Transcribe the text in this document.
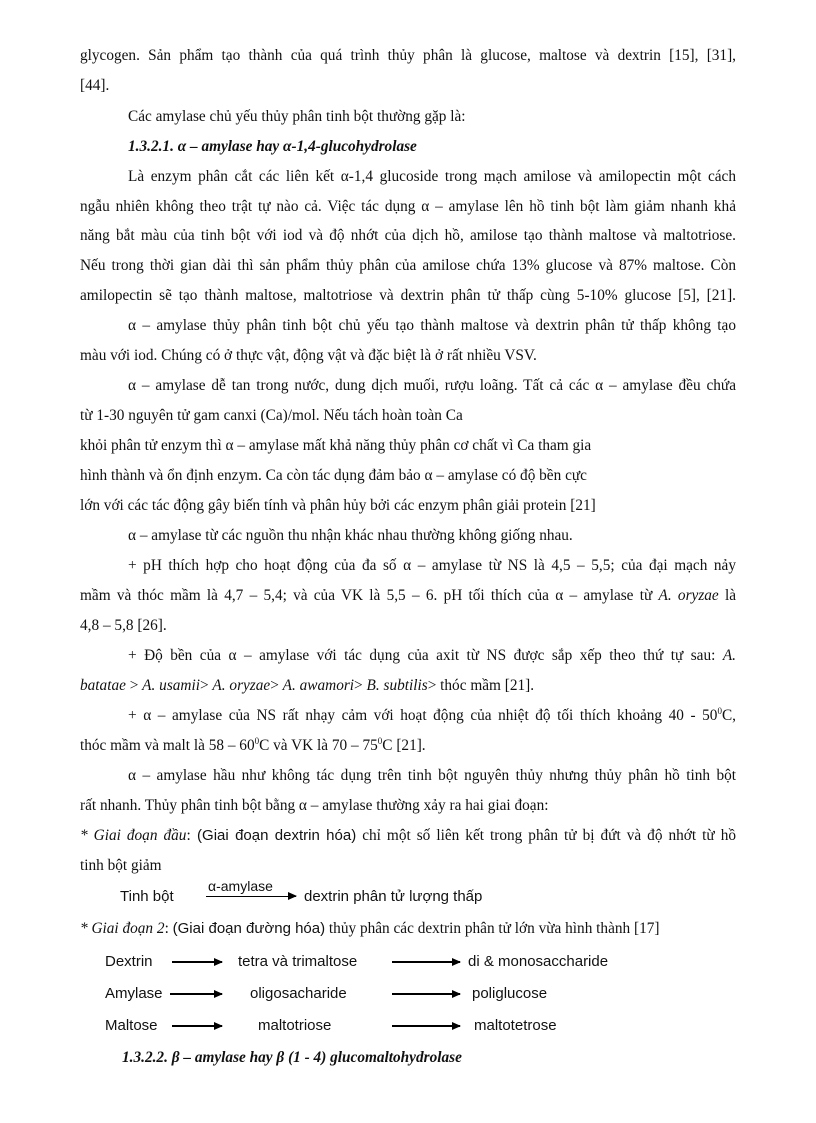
glycogen. Sản phẩm tạo thành của quá trình thủy phân là glucose, maltose và dextrin [15], [31],
[44].
Các amylase chủ yếu thủy phân tinh bột thường gặp là:
1.3.2.1. α – amylase hay α-1,4-glucohydrolase
Là enzym phân cắt các liên kết α-1,4 glucoside trong mạch amilose và amilopectin một cách
ngẫu nhiên không theo trật tự nào cả. Việc tác dụng α – amylase lên hồ tinh bột làm giảm nhanh khả
năng bắt màu của tinh bột với iod và độ nhớt của dịch hồ, amilose tạo thành maltose và maltotriose.
Nếu trong thời gian dài thì sản phẩm thủy phân của amilose chứa 13% glucose và 87% maltose. Còn
amilopectin sẽ tạo thành maltose, maltotriose và dextrin phân tử thấp cùng 5-10% glucose [5], [21].
α – amylase thủy phân tinh bột chủ yếu tạo thành maltose và dextrin phân tử thấp không tạo
màu với iod. Chúng có ở thực vật, động vật và đặc biệt là ở rất nhiều VSV.
α – amylase dễ tan trong nước, dung dịch muối, rượu loãng. Tất cả các α – amylase đều chứa
từ 1-30 nguyên tử gam canxi (Ca)/mol. Nếu tách hoàn toàn Ca
khỏi phân tử enzym thì α – amylase mất khả năng thủy phân cơ chất vì Ca tham gia
hình thành và ổn định enzym. Ca còn tác dụng đảm bảo α – amylase có độ bền cực
lớn với các tác động gây biến tính và phân hủy bởi các enzym phân giải protein [21]
α – amylase từ các nguồn thu nhận khác nhau thường không giống nhau.
+ pH thích hợp cho hoạt động của đa số α – amylase từ NS là 4,5 – 5,5; của đại mạch nảy
mầm và thóc mầm là 4,7 – 5,4; và của VK là 5,5 – 6. pH tối thích của α – amylase từ A. oryzae là
4,8 – 5,8 [26].
+ Độ bền của α – amylase với tác dụng của axit từ NS được sắp xếp theo thứ tự sau: A.
batatae > A. usamii> A. oryzae> A. awamori> B. subtilis> thóc mầm [21].
+ α – amylase của NS rất nhạy cảm với hoạt động của nhiệt độ tối thích khoảng $40 - 50^0C$,
thóc mầm và malt là $58 - 60^0C$ và VK là $70 - 75^0C$ [21].
α – amylase hầu như không tác dụng trên tinh bột nguyên thủy nhưng thủy phân hồ tinh bột
rất nhanh. Thủy phân tinh bột bằng α – amylase thường xảy ra hai giai đoạn:
* Giai đoạn đầu: (Giai đoạn dextrin hóa) chỉ một số liên kết trong phân tử bị đứt và độ nhớt từ hồ
tinh bột giảm
Tinh bột
α-amylase
dextrin phân tử lượng thấp
* Giai đoạn 2: (Giai đoạn đường hóa) thủy phân các dextrin phân tử lớn vừa hình thành [17]
Dextrin	tetra và trimaltose	di & monosaccharide
Amylase	oligosacharide	poliglucose
Maltose	maltotriose	maltotetrose
1.3.2.2. β – amylase hay β (1 - 4) glucomaltohydrolase
